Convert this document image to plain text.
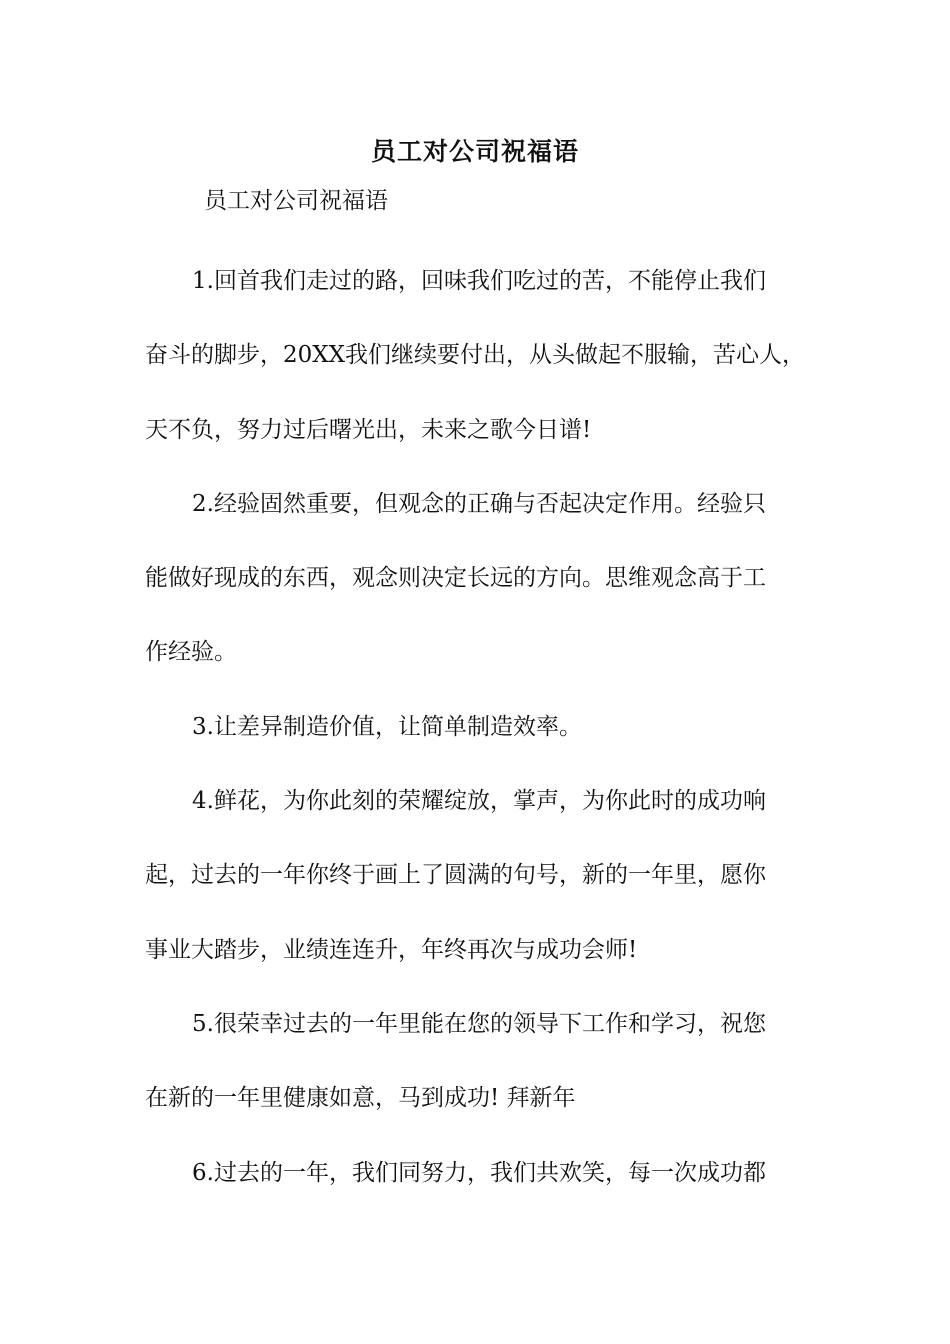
员工对公司祝福语
员工对公司祝福语
1.回首我们走过的路，回味我们吃过的苦，不能停止我们
奋斗的脚步，20XX我们继续要付出，从头做起不服输，苦心人，
天不负，努力过后曙光出，未来之歌今日谱!
2.经验固然重要，但观念的正确与否起决定作用。经验只
能做好现成的东西，观念则决定长远的方向。思维观念高于工
作经验。
3.让差异制造价值，让简单制造效率。
4.鲜花，为你此刻的荣耀绽放，掌声，为你此时的成功响
起，过去的一年你终于画上了圆满的句号，新的一年里，愿你
事业大踏步，业绩连连升，年终再次与成功会师!
5.很荣幸过去的一年里能在您的领导下工作和学习，祝您
在新的一年里健康如意，马到成功! 拜新年
6.过去的一年，我们同努力，我们共欢笑，每一次成功都
